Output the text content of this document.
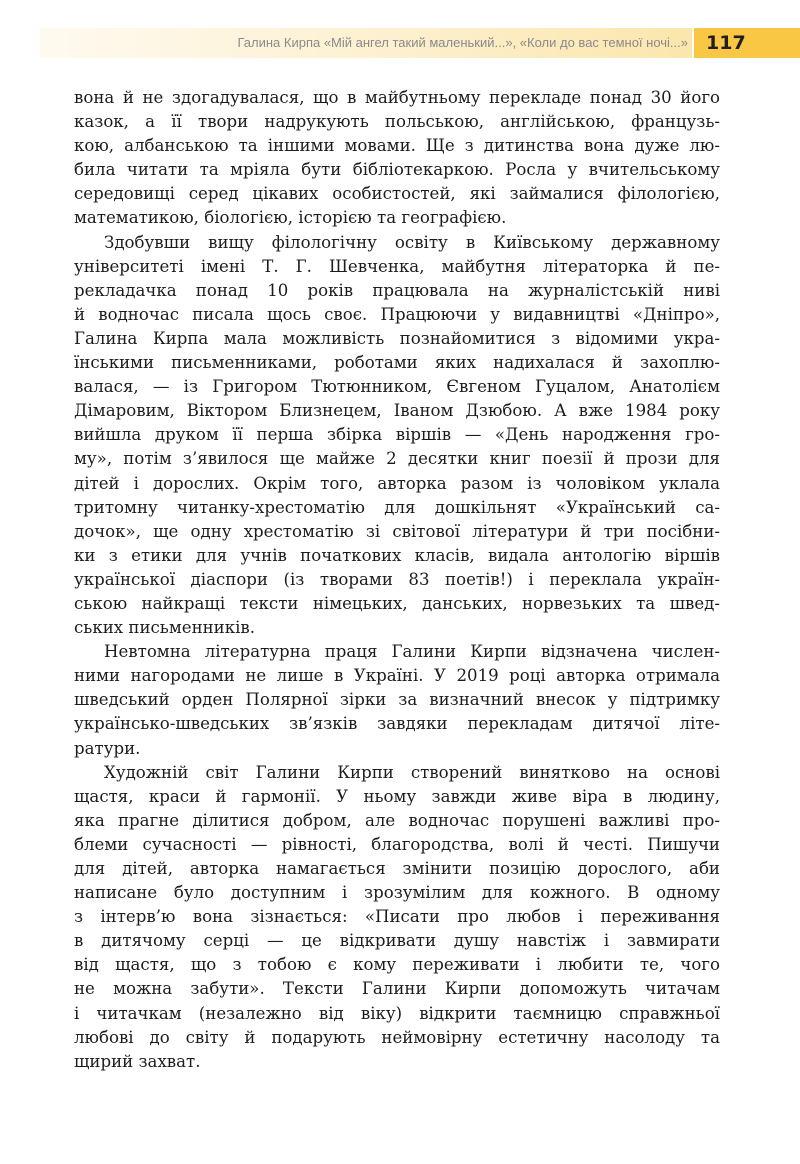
Галина Кирпа «Мій ангел такий маленький...», «Коли до вас темної ночі...» 117
вона й не здогадувалася, що в майбутньому перекладе понад 30 його
казок, а її твори надрукують польською, англійською, французь-
кою, албанською та іншими мовами. Ще з дитинства вона дуже лю-
била читати та мріяла бути бібліотекаркою. Росла у вчительському
середовищі серед цікавих особистостей, які займалися філологією,
математикою, біологією, історією та географією.
Здобувши вищу філологічну освіту в Київському державному
університеті імені Т. Г. Шевченка, майбутня літераторка й пе-
рекладачка понад 10 років працювала на журналістській ниві
й водночас писала щось своє. Працюючи у видавництві «Дніпро»,
Галина Кирпа мала можливість познайомитися з відомими укра-
їнськими письменниками, роботами яких надихалася й захоплю-
валася, — із Григором Тютюнником, Євгеном Гуцалом, Анатолієм
Дімаровим, Віктором Близнецем, Іваном Дзюбою. А вже 1984 року
вийшла друком її перша збірка віршів — «День народження гро-
му», потім з’явилося ще майже 2 десятки книг поезії й прози для
дітей і дорослих. Окрім того, авторка разом із чоловіком уклала
тритомну читанку-хрестоматію для дошкільнят «Український са-
дочок», ще одну хрестоматію зі світової літератури й три посібни-
ки з етики для учнів початкових класів, видала антологію віршів
української діаспори (із творами 83 поетів!) і переклала україн-
ською найкращі тексти німецьких, данських, норвезьких та швед-
ських письменників.
Невтомна літературна праця Галини Кирпи відзначена числен-
ними нагородами не лише в Україні. У 2019 році авторка отримала
шведський орден Полярної зірки за визначний внесок у підтримку
українсько-шведських зв’язків завдяки перекладам дитячої літе-
ратури.
Художній світ Галини Кирпи створений винятково на основі
щастя, краси й гармонії. У ньому завжди живе віра в людину,
яка прагне ділитися добром, але водночас порушені важливі про-
блеми сучасності — рівності, благородства, волі й честі. Пишучи
для дітей, авторка намагається змінити позицію дорослого, аби
написане було доступним і зрозумілим для кожного. В одному
з інтерв’ю вона зізнається: «Писати про любов і переживання
в дитячому серці — це відкривати душу навстіж і завмирати
від щастя, що з тобою є кому переживати і любити те, чого
не можна забути». Тексти Галини Кирпи допоможуть читачам
і читачкам (незалежно від віку) відкрити таємницю справжньої
любові до світу й подарують неймовірну естетичну насолоду та
щирий захват.
